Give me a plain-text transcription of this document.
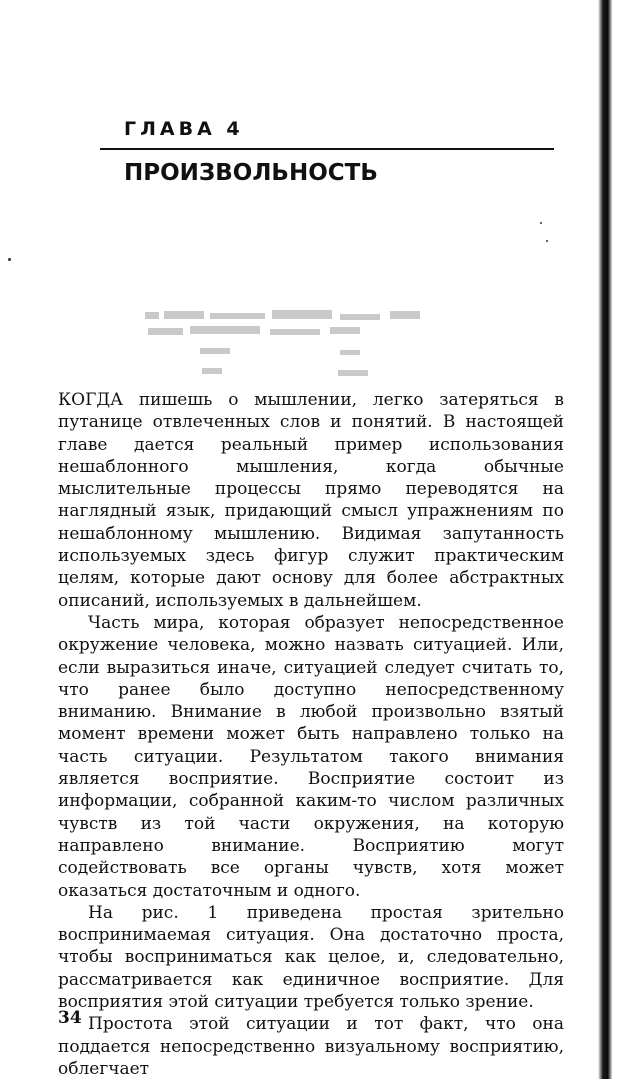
ГЛАВА 4
ПРОИЗВОЛЬНОСТЬ

КОГДА пишешь о мышлении, легко затеряться в путанице отвлеченных слов и понятий. В настоящей главе дается реальный пример использования нешаблонного мышления, когда обычные мыслительные процессы прямо переводятся на наглядный язык, придающий смысл упражнениям по нешаблонному мышлению. Видимая запутанность используемых здесь фигур служит практическим целям, которые дают основу для более абстрактных описаний, используемых в дальнейшем.

Часть мира, которая образует непосредственное окружение человека, можно назвать ситуацией. Или, если выразиться иначе, ситуацией следует считать то, что ранее было доступно непосредственному вниманию. Внимание в любой произвольно взятый момент времени может быть направлено только на часть ситуации. Результатом такого внимания является восприятие. Восприятие состоит из информации, собранной каким-то числом различных чувств из той части окружения, на которую направлено внимание. Восприятию могут содействовать все органы чувств, хотя может оказаться достаточным и одного.

На рис. 1 приведена простая зрительно воспринимаемая ситуация. Она достаточно проста, чтобы восприниматься как целое, и, следовательно, рассматривается как единичное восприятие. Для восприятия этой ситуации требуется только зрение.

Простота этой ситуации и тот факт, что она поддается непосредственно визуальному восприятию, облегчает

34
